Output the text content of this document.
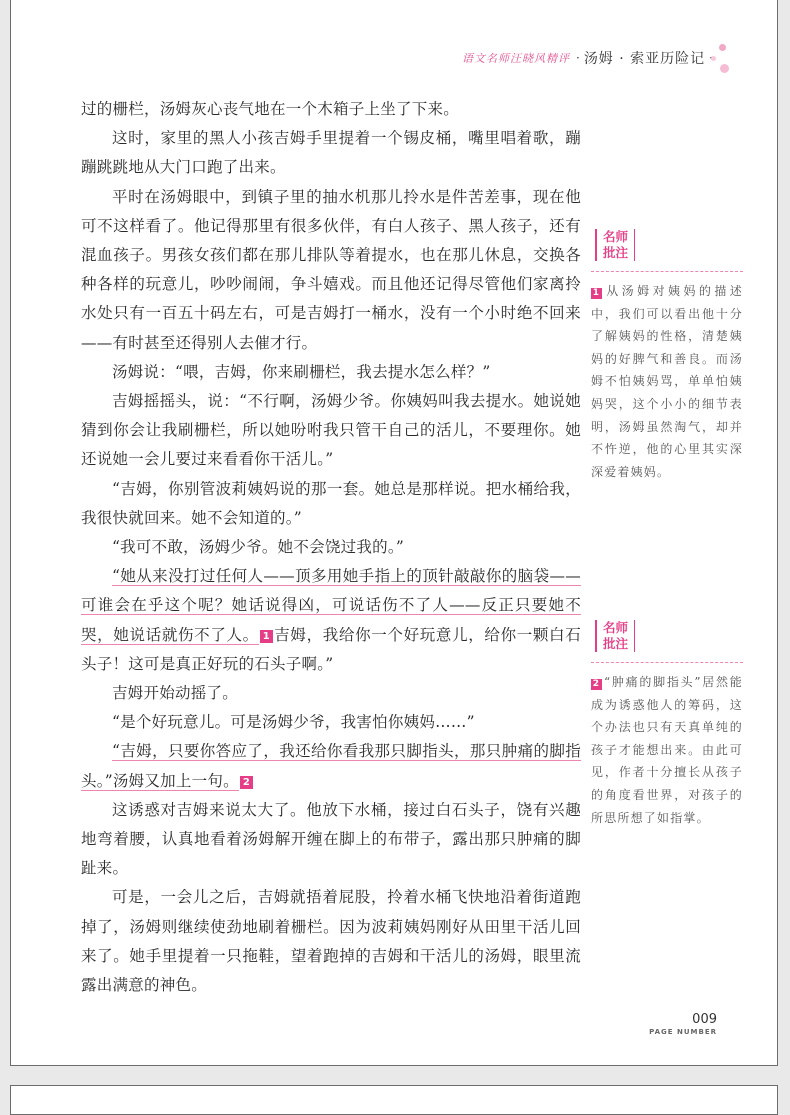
语文名师汪晓风精评 · 汤姆 · 索亚历险记

过的栅栏，汤姆灰心丧气地在一个木箱子上坐了下来。

这时，家里的黑人小孩吉姆手里提着一个锡皮桶，嘴里唱着歌，蹦蹦跳跳地从大门口跑了出来。

平时在汤姆眼中，到镇子里的抽水机那儿拎水是件苦差事，现在他可不这样看了。他记得那里有很多伙伴，有白人孩子、黑人孩子，还有混血孩子。男孩女孩们都在那儿排队等着提水，也在那儿休息，交换各种各样的玩意儿，吵吵闹闹，争斗嬉戏。而且他还记得尽管他们家离拎水处只有一百五十码左右，可是吉姆打一桶水，没有一个小时绝不回来——有时甚至还得别人去催才行。

汤姆说：“喂，吉姆，你来刷栅栏，我去提水怎么样？”

吉姆摇摇头，说：“不行啊，汤姆少爷。你姨妈叫我去提水。她说她猜到你会让我刷栅栏，所以她吩咐我只管干自己的活儿，不要理你。她还说她一会儿要过来看看你干活儿。”

“吉姆，你别管波莉姨妈说的那一套。她总是那样说。把水桶给我，我很快就回来。她不会知道的。”

“我可不敢，汤姆少爷。她不会饶过我的。”

“她从来没打过任何人——顶多用她手指上的顶针敲敲你的脑袋——可谁会在乎这个呢？她话说得凶，可说话伤不了人——反正只要她不哭，她说话就伤不了人。 1 吉姆，我给你一个好玩意儿，给你一颗白石头子！这可是真正好玩的石头子啊。”

吉姆开始动摇了。

“是个好玩意儿。可是汤姆少爷，我害怕你姨妈……”

“吉姆，只要你答应了，我还给你看我那只脚指头，那只肿痛的脚指头。”汤姆又加上一句。 2

这诱惑对吉姆来说太大了。他放下水桶，接过白石头子，饶有兴趣地弯着腰，认真地看着汤姆解开缠在脚上的布带子，露出那只肿痛的脚趾来。

可是，一会儿之后，吉姆就捂着屁股，拎着水桶飞快地沿着街道跑掉了，汤姆则继续使劲地刷着栅栏。因为波莉姨妈刚好从田里干活儿回来了。她手里提着一只拖鞋，望着跑掉的吉姆和干活儿的汤姆，眼里流露出满意的神色。

名师
批注

1 从汤姆对姨妈的描述中，我们可以看出他十分了解姨妈的性格，清楚姨妈的好脾气和善良。而汤姆不怕姨妈骂，单单怕姨妈哭，这个小小的细节表明，汤姆虽然淘气，却并不忤逆，他的心里其实深深爱着姨妈。

名师
批注

2 “肿痛的脚指头”居然能成为诱惑他人的筹码，这个办法也只有天真单纯的孩子才能想出来。由此可见，作者十分擅长从孩子的角度看世界，对孩子的所思所想了如指掌。

009
PAGE NUMBER
